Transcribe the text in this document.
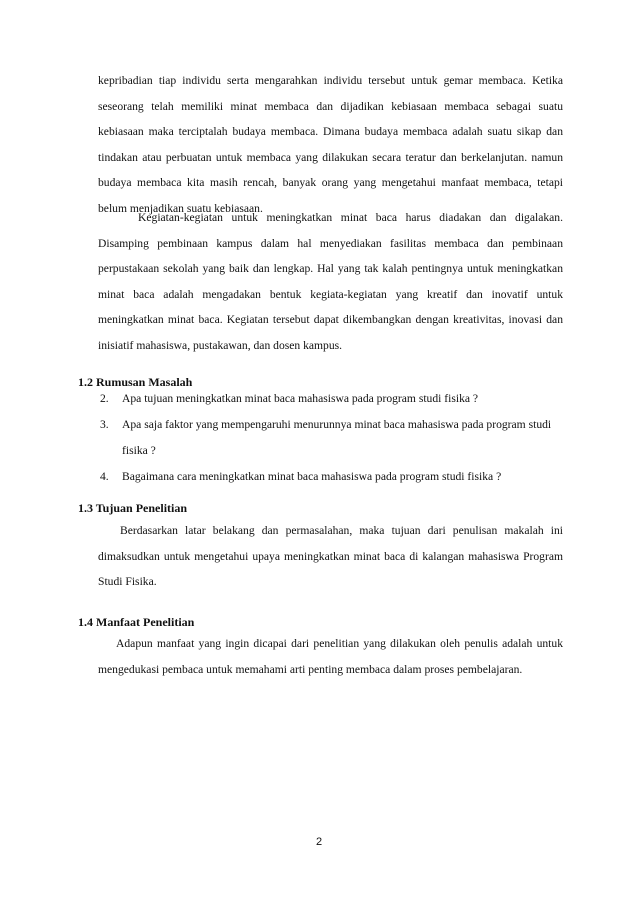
kepribadian tiap individu serta mengarahkan individu tersebut untuk gemar membaca. Ketika seseorang telah memiliki minat membaca dan dijadikan kebiasaan membaca sebagai suatu kebiasaan maka terciptalah budaya membaca. Dimana budaya membaca adalah suatu sikap dan tindakan atau perbuatan untuk membaca yang dilakukan secara teratur dan berkelanjutan. namun budaya membaca kita masih rencah, banyak orang yang mengetahui manfaat membaca, tetapi belum menjadikan suatu kebiasaan.

Kegiatan-kegiatan untuk meningkatkan minat baca harus diadakan dan digalakan. Disamping pembinaan kampus dalam hal menyediakan fasilitas membaca dan pembinaan perpustakaan sekolah yang baik dan lengkap. Hal yang tak kalah pentingnya untuk meningkatkan minat baca adalah mengadakan bentuk kegiata-kegiatan yang kreatif dan inovatif untuk meningkatkan minat baca. Kegiatan tersebut dapat dikembangkan dengan kreativitas, inovasi dan inisiatif mahasiswa, pustakawan, dan dosen kampus.

1.2 Rumusan Masalah
2. Apa tujuan meningkatkan minat baca mahasiswa pada program studi fisika ?
3. Apa saja faktor yang mempengaruhi menurunnya minat baca mahasiswa pada program studi fisika ?
4. Bagaimana cara meningkatkan minat baca mahasiswa pada program studi fisika ?
1.3 Tujuan Penelitian

Berdasarkan latar belakang dan permasalahan, maka tujuan dari penulisan makalah ini dimaksudkan untuk mengetahui upaya meningkatkan minat baca di kalangan mahasiswa Program Studi Fisika.

1.4 Manfaat Penelitian

Adapun manfaat yang ingin dicapai dari penelitian yang dilakukan oleh penulis adalah untuk mengedukasi pembaca untuk memahami arti penting membaca dalam proses pembelajaran.

2
